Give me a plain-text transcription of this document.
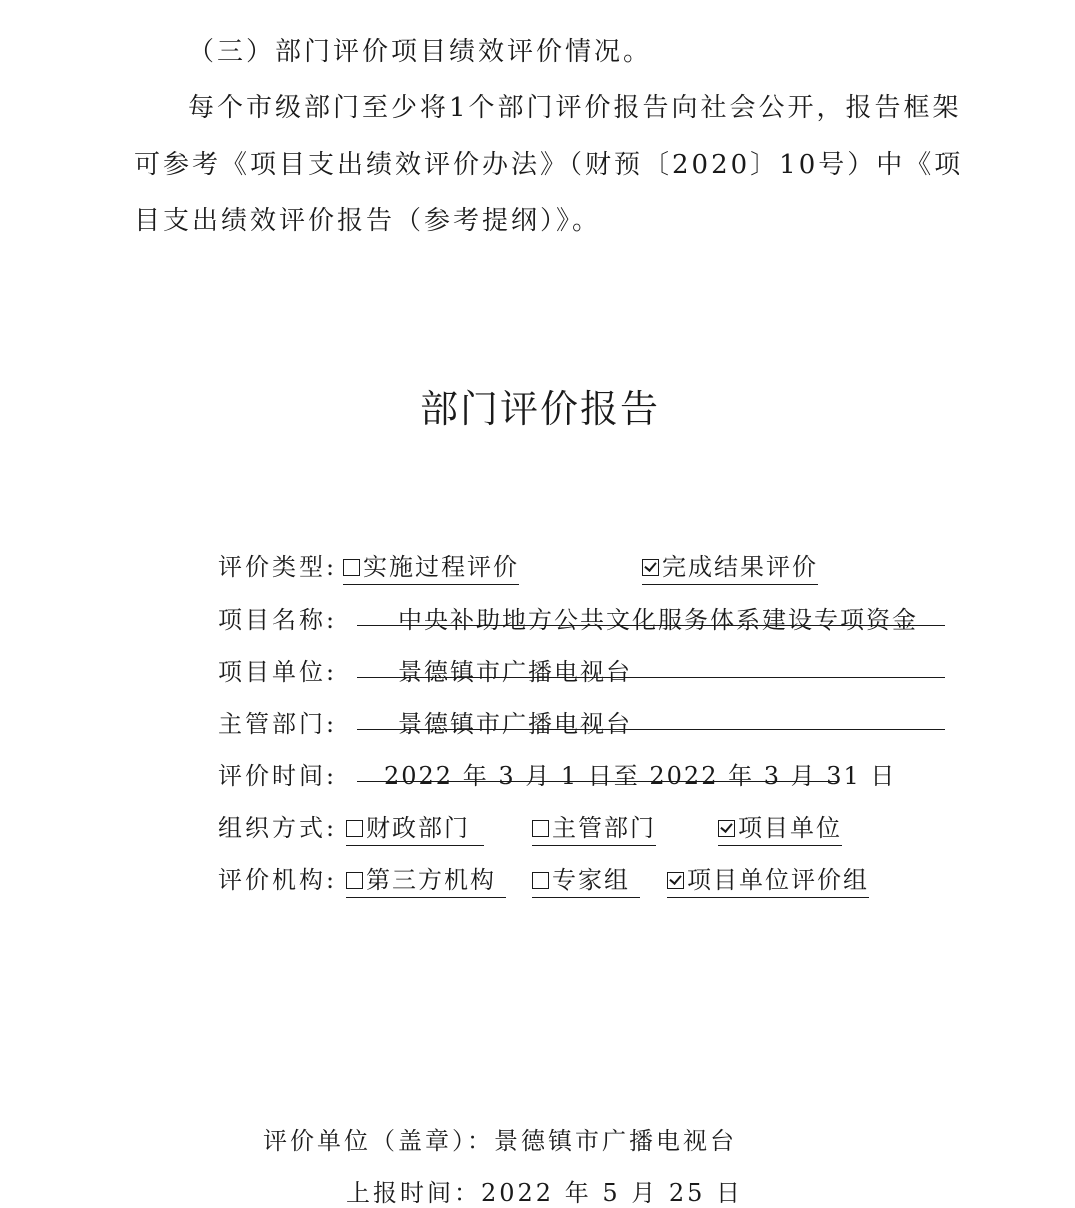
（三）部门评价项目绩效评价情况。
每个市级部门至少将1个部门评价报告向社会公开，报告框架
可参考《项目支出绩效评价办法》（财预〔2020〕10号）中《项
目支出绩效评价报告（参考提纲）》。
部门评价报告
评价类型:	实施过程评价	完成结果评价
项目名称:	中央补助地方公共文化服务体系建设专项资金
项目单位:	景德镇市广播电视台
主管部门:	景德镇市广播电视台
评价时间: 2022 年 3 月 1 日至 2022 年 3 月 31 日
组织方式:	财政部门	主管部门	项目单位
评价机构:	第三方机构	专家组	项目单位评价组
评价单位（盖章）：景德镇市广播电视台
上报时间：2022 年 5 月 25 日
